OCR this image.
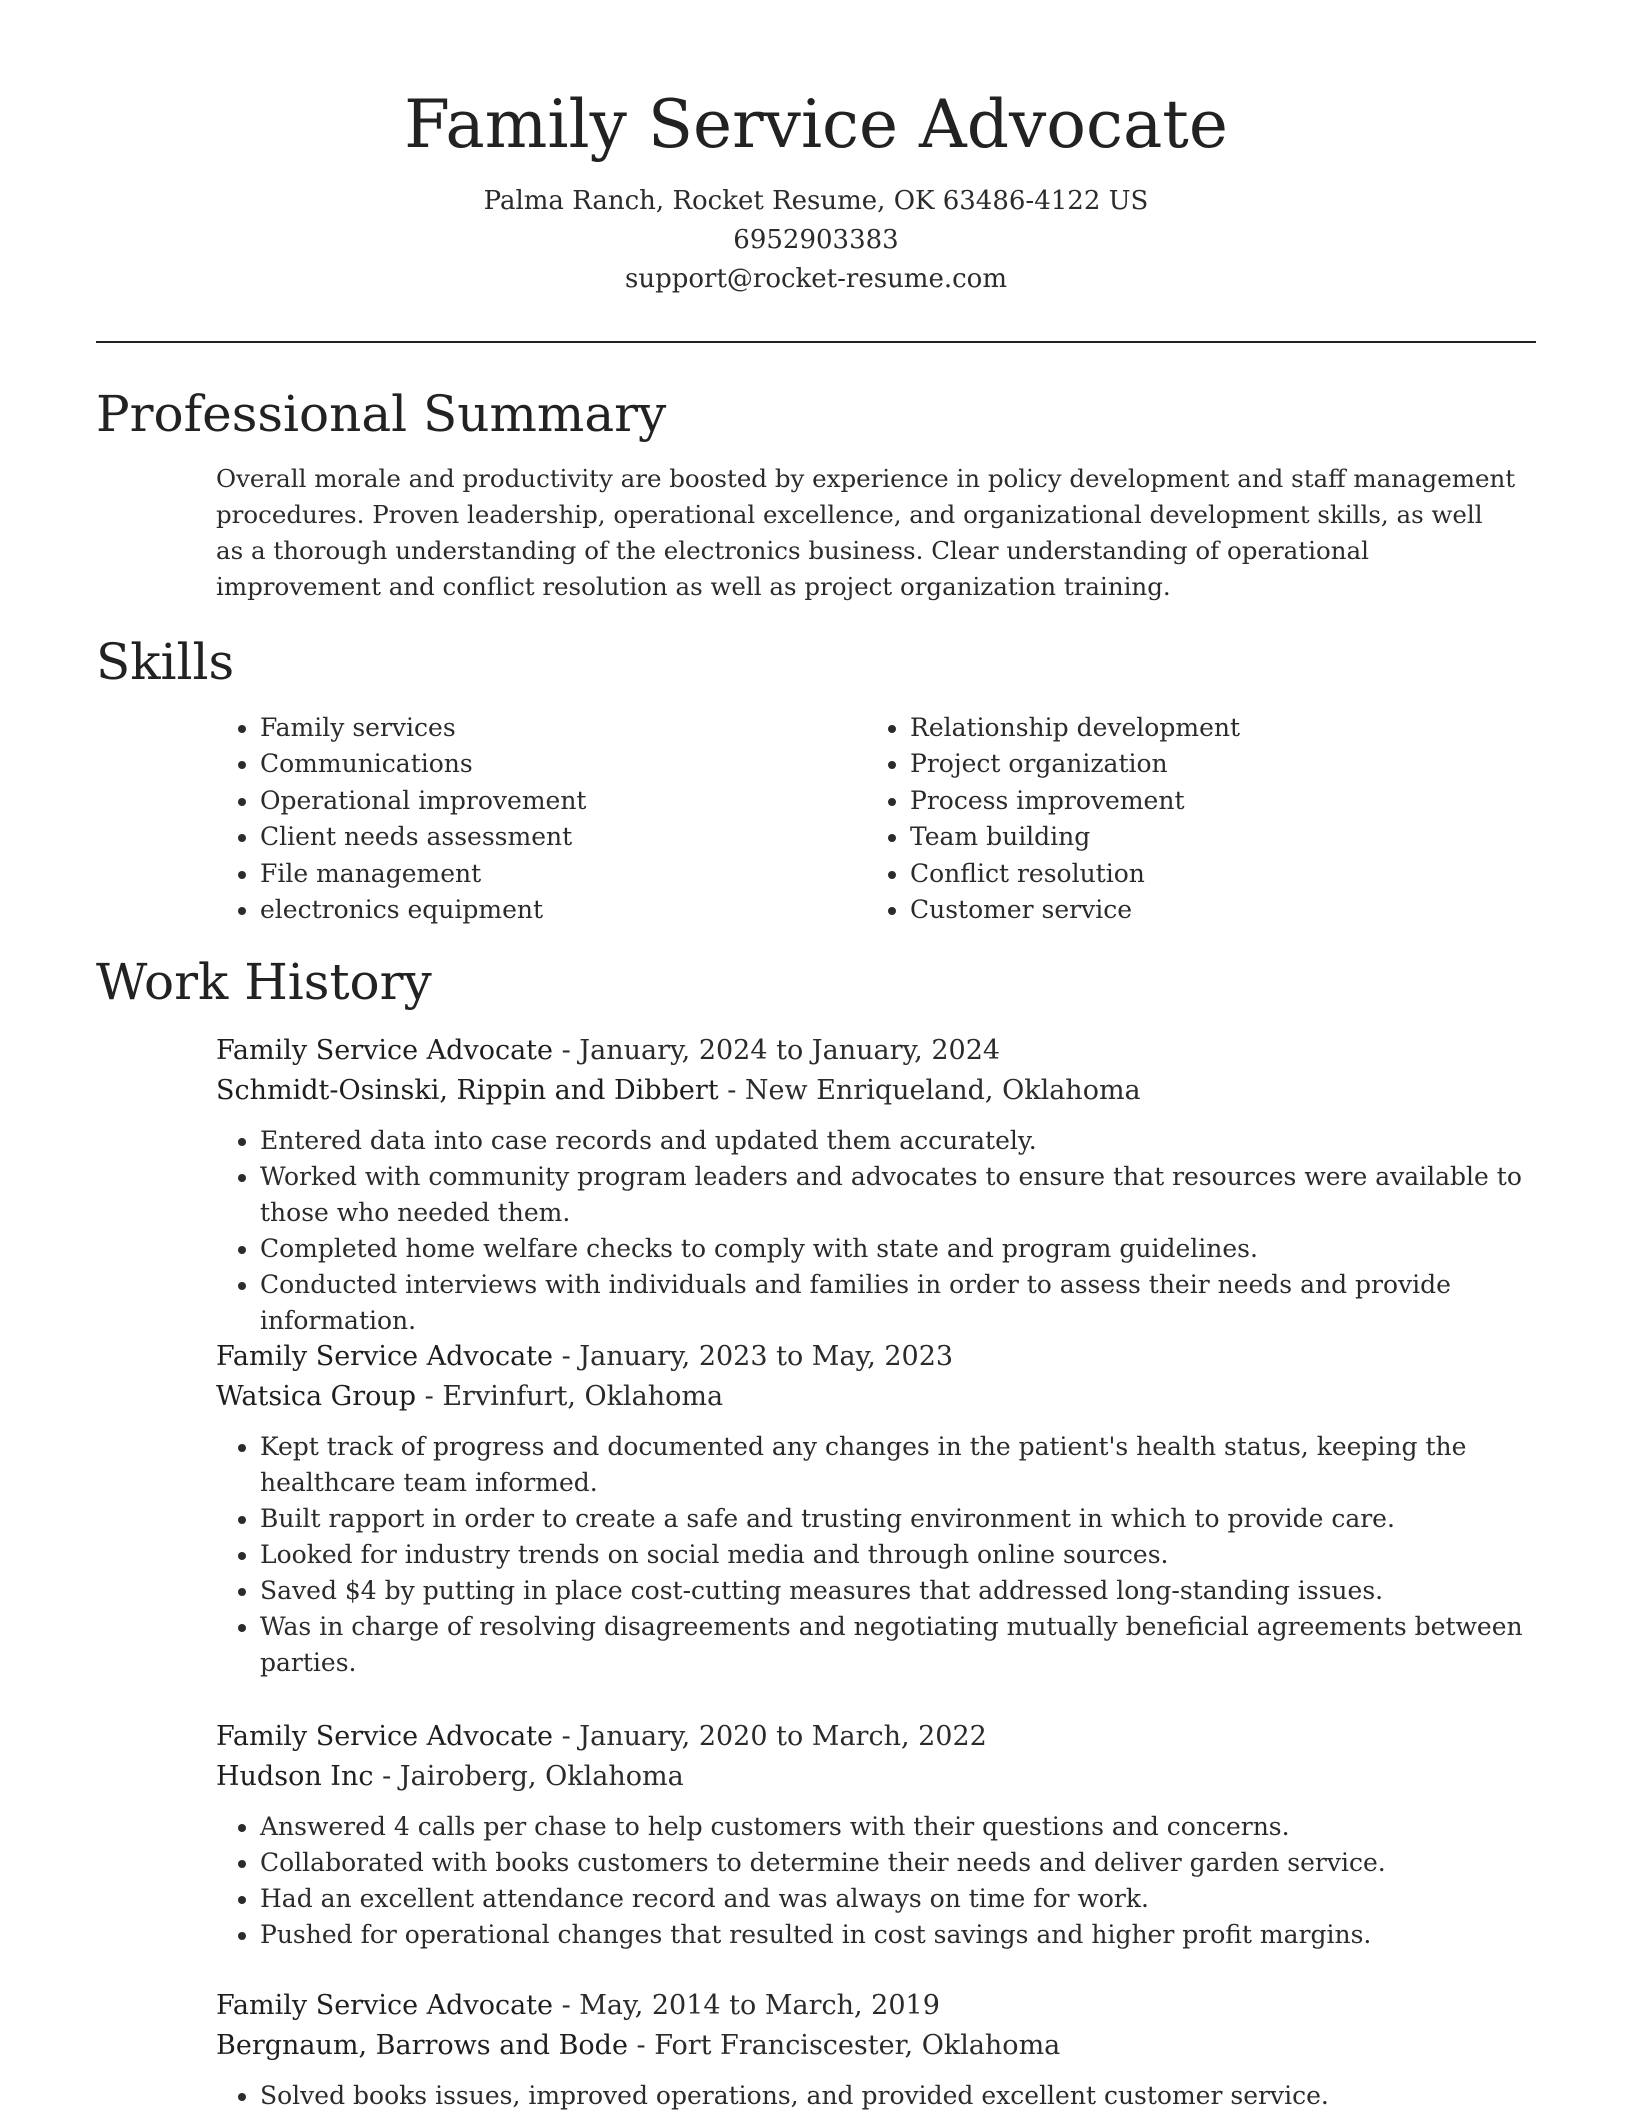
Family Service Advocate

Palma Ranch, Rocket Resume, OK 63486-4122 US

6952903383

support@rocket-resume.com

Professional Summary

Overall morale and productivity are boosted by experience in policy development and staff management procedures. Proven leadership, operational excellence, and organizational development skills, as well as a thorough understanding of the electronics business. Clear understanding of operational improvement and conflict resolution as well as project organization training.

Skills
• Family services
• Communications
• Operational improvement
• Client needs assessment
• File management
• electronics equipment
• Relationship development
• Project organization
• Process improvement
• Team building
• Conflict resolution
• Customer service
Work History

Family Service Advocate - January, 2024 to January, 2024

Schmidt-Osinski, Rippin and Dibbert - New Enriqueland, Oklahoma

• Entered data into case records and updated them accurately.
• Worked with community program leaders and advocates to ensure that resources were available to those who needed them.
• Completed home welfare checks to comply with state and program guidelines.
• Conducted interviews with individuals and families in order to assess their needs and provide information.

Family Service Advocate - January, 2023 to May, 2023

Watsica Group - Ervinfurt, Oklahoma

• Kept track of progress and documented any changes in the patient's health status, keeping the healthcare team informed.
• Built rapport in order to create a safe and trusting environment in which to provide care.
• Looked for industry trends on social media and through online sources.
• Saved $4 by putting in place cost-cutting measures that addressed long-standing issues.
• Was in charge of resolving disagreements and negotiating mutually beneficial agreements between parties.

Family Service Advocate - January, 2020 to March, 2022

Hudson Inc - Jairoberg, Oklahoma

• Answered 4 calls per chase to help customers with their questions and concerns.
• Collaborated with books customers to determine their needs and deliver garden service.
• Had an excellent attendance record and was always on time for work.
• Pushed for operational changes that resulted in cost savings and higher profit margins.

Family Service Advocate - May, 2014 to March, 2019

Bergnaum, Barrows and Bode - Fort Franciscester, Oklahoma

• Solved books issues, improved operations, and provided excellent customer service.
